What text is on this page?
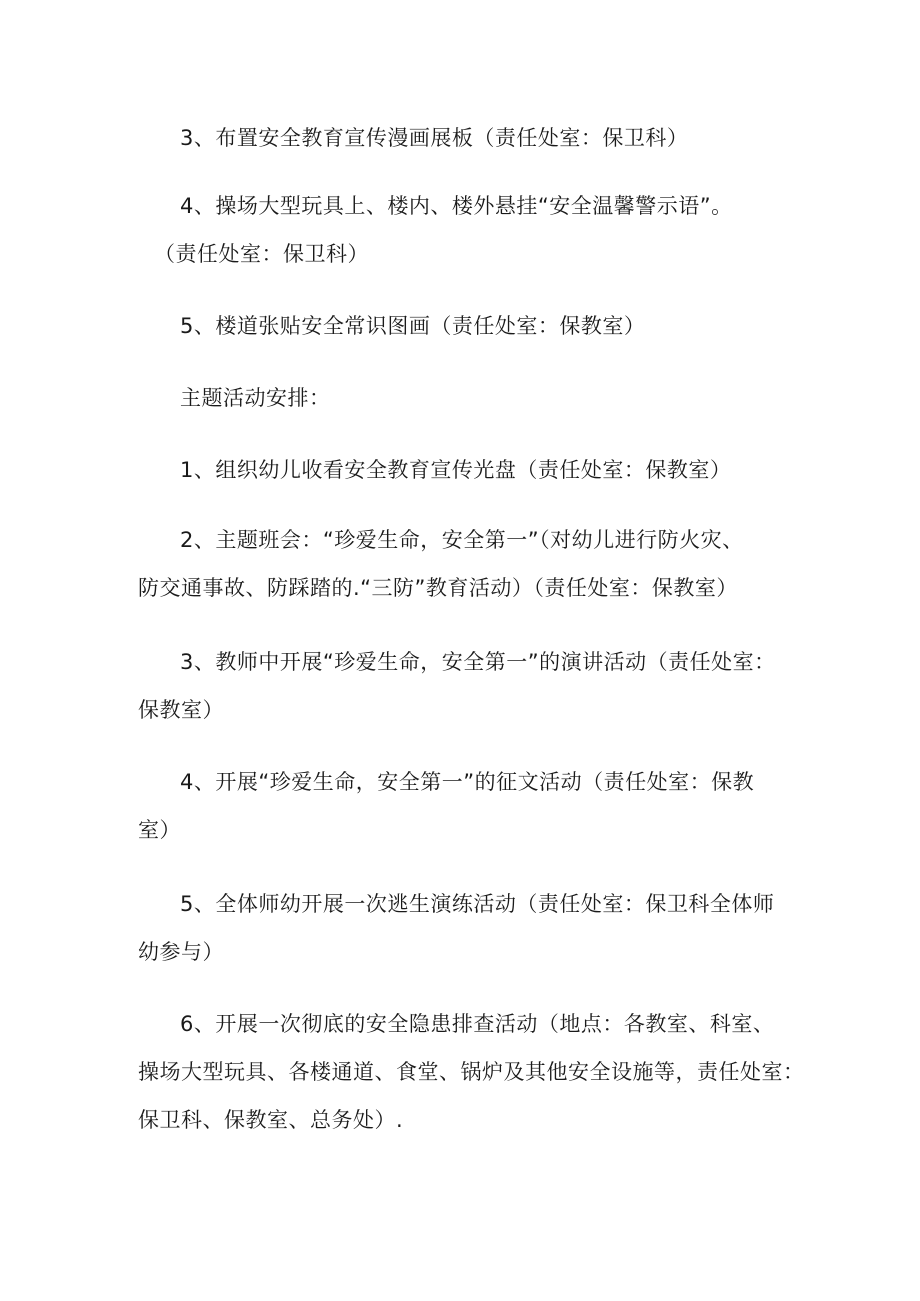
3、布置安全教育宣传漫画展板（责任处室：保卫科）

4、操场大型玩具上、楼内、楼外悬挂“安全温馨警示语”。
（责任处室：保卫科）

5、楼道张贴安全常识图画（责任处室：保教室）

主题活动安排：

1、组织幼儿收看安全教育宣传光盘（责任处室：保教室）

2、主题班会：“珍爱生命，安全第一”（对幼儿进行防火灾、
防交通事故、防踩踏的.“三防”教育活动）（责任处室：保教室）

3、教师中开展“珍爱生命，安全第一”的演讲活动（责任处室：
保教室）

4、开展“珍爱生命，安全第一”的征文活动（责任处室：保教
室）

5、全体师幼开展一次逃生演练活动（责任处室：保卫科全体师
幼参与）

6、开展一次彻底的安全隐患排查活动（地点：各教室、科室、
操场大型玩具、各楼通道、食堂、锅炉及其他安全设施等，责任处室：
保卫科、保教室、总务处）.
